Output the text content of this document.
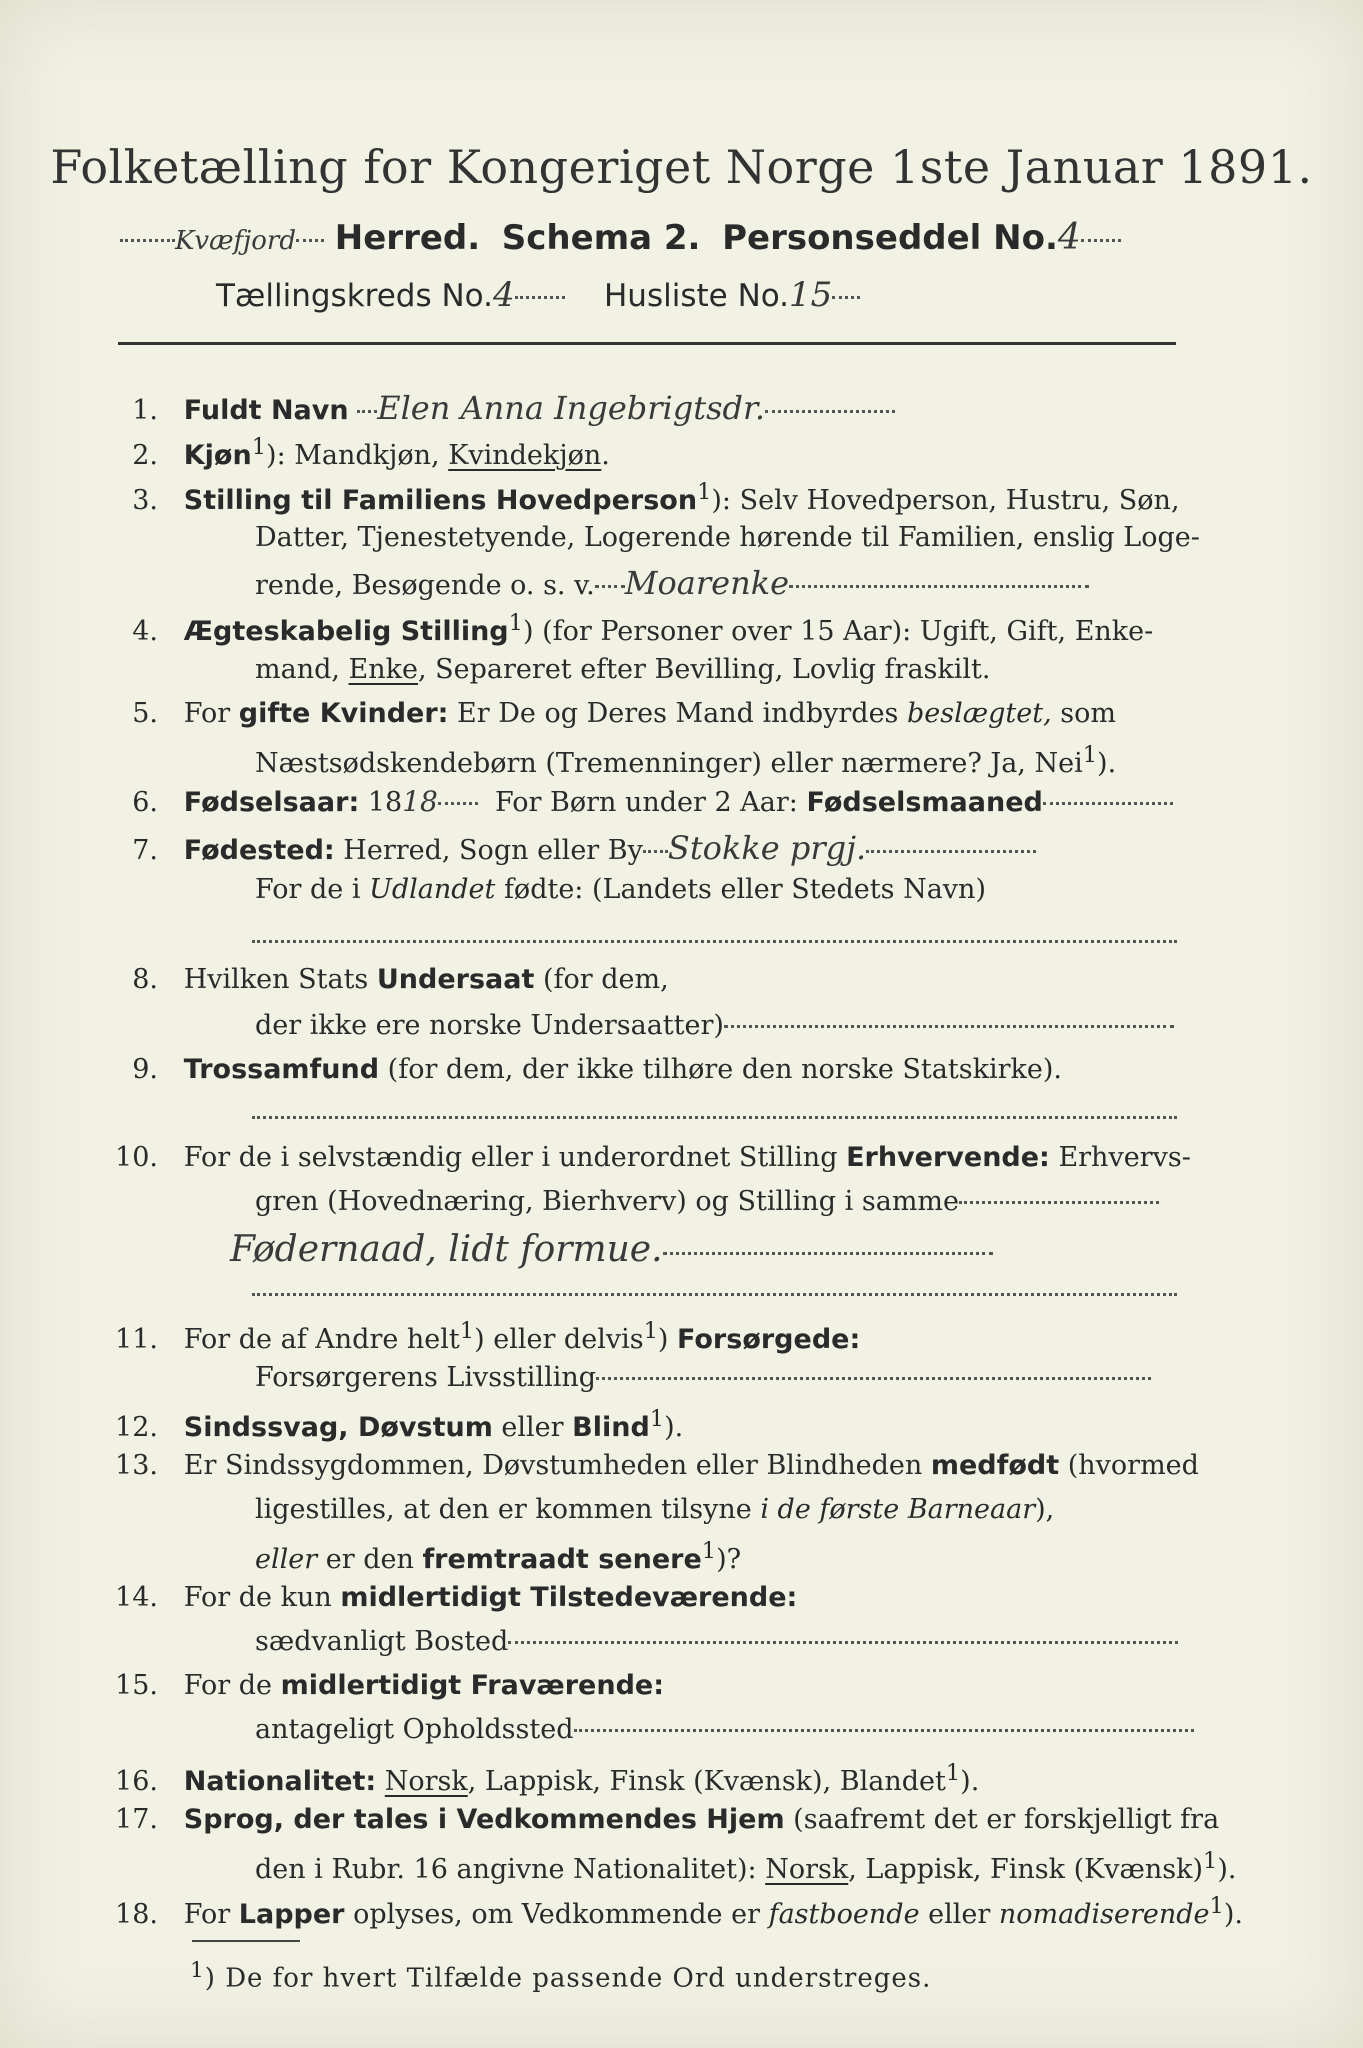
Folketælling for Kongeriget Norge 1ste Januar 1891.
Kvæfjord Herred. Schema 2. Personseddel No.4
Tællingskreds No.4	Husliste No.15
1. Fuldt Navn Elen Anna Ingebrigtsdr.
2. Kjøn$^1$): Mandkjøn, Kvindekjøn.
3. Stilling til Familiens Hovedperson$^1$): Selv Hovedperson, Hustru, Søn,
Datter, Tjenestetyende, Logerende hørende til Familien, enslig Loge-
rende, Besøgende o. s. v. Moarenke
4. Ægteskabelig Stilling$^1$) (for Personer over 15 Aar): Ugift, Gift, Enke-
mand, Enke, Separeret efter Bevilling, Lovlig fraskilt.
5. For gifte Kvinder: Er De og Deres Mand indbyrdes beslægtet, som
Næstsødskendebørn (Tremenninger) eller nærmere? Ja, Nei$^1$).
6. Fødselsaar: 1818 For Børn under 2 Aar: Fødselsmaaned
7. Fødested: Herred, Sogn eller By Stokke prgj.
For de i Udlandet fødte: (Landets eller Stedets Navn)
8. Hvilken Stats Undersaat (for dem,
der ikke ere norske Undersaatter)
9. Trossamfund (for dem, der ikke tilhøre den norske Statskirke).
10. For de i selvstændig eller i underordnet Stilling Erhvervende: Erhvervs-
gren (Hovednæring, Bierhverv) og Stilling i samme
Fødernaad, lidt formue.
11. For de af Andre helt$^1$) eller delvis$^1$) Forsørgede:
Forsørgerens Livsstilling
12. Sindssvag, Døvstum eller Blind$^1$).
13. Er Sindssygdommen, Døvstumheden eller Blindheden medfødt (hvormed
ligestilles, at den er kommen tilsyne i de første Barneaar),
eller er den fremtraadt senere$^1$)?
14. For de kun midlertidigt Tilstedeværende:
sædvanligt Bosted
15. For de midlertidigt Fraværende:
antageligt Opholdssted
16. Nationalitet: Norsk, Lappisk, Finsk (Kvænsk), Blandet$^1$).
17. Sprog, der tales i Vedkommendes Hjem (saafremt det er forskjelligt fra
den i Rubr. 16 angivne Nationalitet): Norsk, Lappisk, Finsk (Kvænsk)$^1$).
18. For Lapper oplyses, om Vedkommende er fastboende eller nomadiserende$^1$).
$^1$) De for hvert Tilfælde passende Ord understreges.
